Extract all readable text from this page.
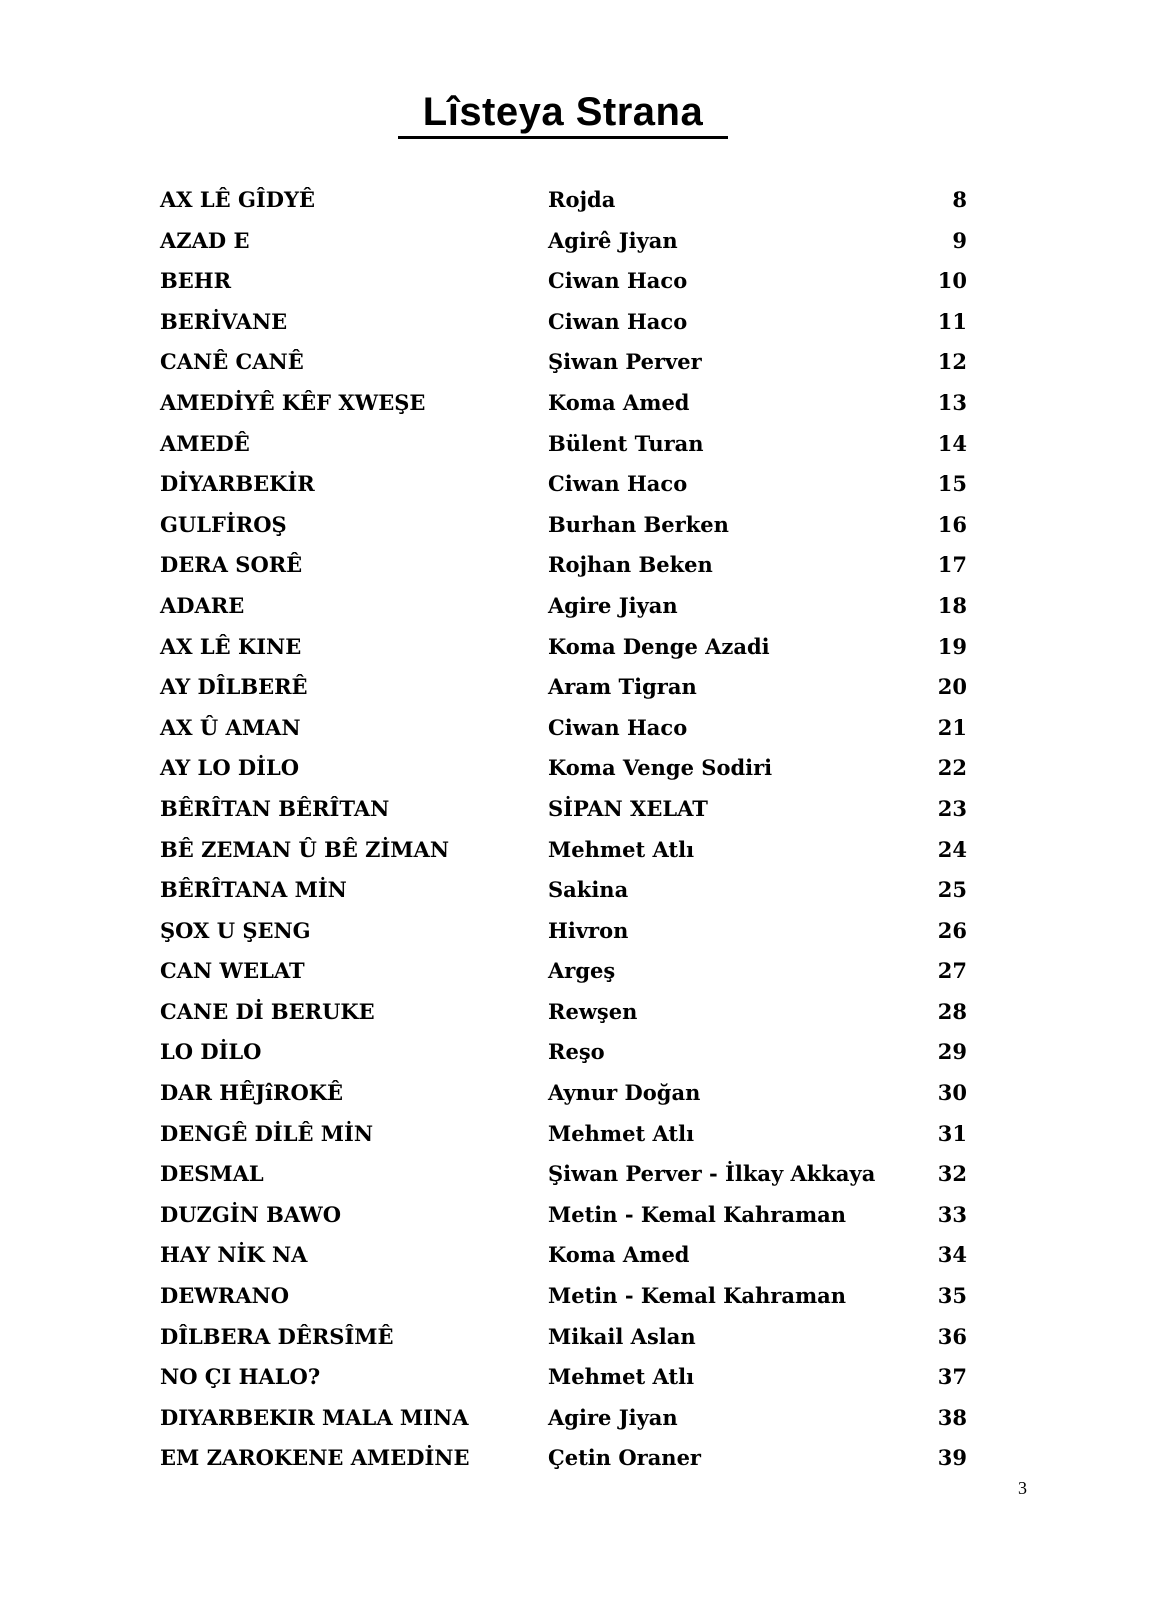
Lîsteya Strana
AX LÊ GÎDYÊ	Rojda	8
AZAD E	Agirê Jiyan	9
BEHR	Ciwan Haco	10
BERİVANE	Ciwan Haco	11
CANÊ CANÊ	Şiwan Perver	12
AMEDİYÊ KÊF XWEŞE	Koma Amed	13
AMEDÊ	Bülent Turan	14
DİYARBEKİR	Ciwan Haco	15
GULFİROŞ	Burhan Berken	16
DERA SORÊ	Rojhan Beken	17
ADARE	Agire Jiyan	18
AX LÊ KINE	Koma Denge Azadi	19
AY DÎLBERÊ	Aram Tigran	20
AX Û AMAN	Ciwan Haco	21
AY LO DİLO	Koma Venge Sodiri	22
BÊRÎTAN BÊRÎTAN	SİPAN XELAT	23
BÊ ZEMAN Û BÊ ZİMAN	Mehmet Atlı	24
BÊRÎTANA MİN	Sakina	25
ŞOX U ŞENG	Hivron	26
CAN WELAT	Argeş	27
CANE Dİ BERUKE	Rewşen	28
LO DİLO	Reşo	29
DAR HÊJîROKÊ	Aynur Doğan	30
DENGÊ DİLÊ MİN	Mehmet Atlı	31
DESMAL	Şiwan Perver - İlkay Akkaya	32
DUZGİN BAWO	Metin - Kemal Kahraman	33
HAY NİK NA	Koma Amed	34
DEWRANO	Metin - Kemal Kahraman	35
DÎLBERA DÊRSÎMÊ	Mikail Aslan	36
NO ÇI HALO?	Mehmet Atlı	37
DIYARBEKIR MALA MINA	Agire Jiyan	38
EM ZAROKENE AMEDİNE	Çetin Oraner	39
3
